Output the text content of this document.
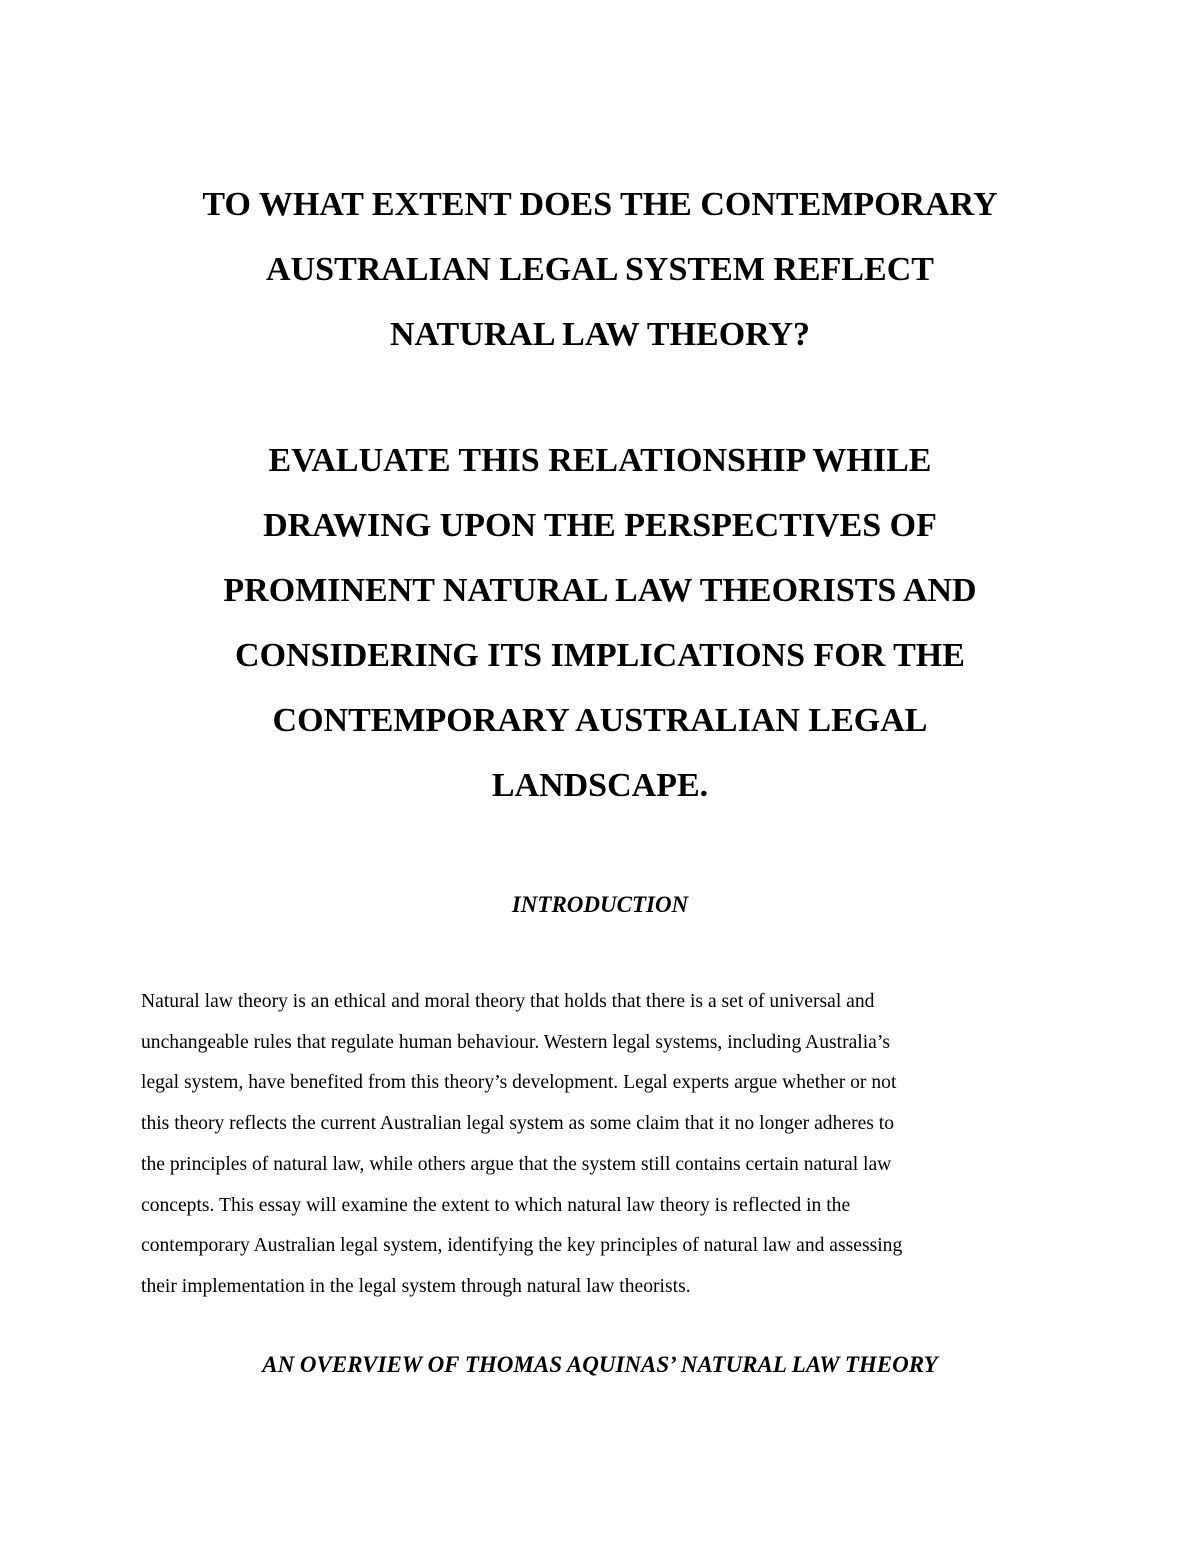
TO WHAT EXTENT DOES THE CONTEMPORARY
AUSTRALIAN LEGAL SYSTEM REFLECT
NATURAL LAW THEORY?
EVALUATE THIS RELATIONSHIP WHILE
DRAWING UPON THE PERSPECTIVES OF
PROMINENT NATURAL LAW THEORISTS AND
CONSIDERING ITS IMPLICATIONS FOR THE
CONTEMPORARY AUSTRALIAN LEGAL
LANDSCAPE.
INTRODUCTION

Natural law theory is an ethical and moral theory that holds that there is a set of universal and
unchangeable rules that regulate human behaviour. Western legal systems, including Australia’s
legal system, have benefited from this theory’s development. Legal experts argue whether or not
this theory reflects the current Australian legal system as some claim that it no longer adheres to
the principles of natural law, while others argue that the system still contains certain natural law
concepts. This essay will examine the extent to which natural law theory is reflected in the
contemporary Australian legal system, identifying the key principles of natural law and assessing
their implementation in the legal system through natural law theorists.

AN OVERVIEW OF THOMAS AQUINAS’ NATURAL LAW THEORY
